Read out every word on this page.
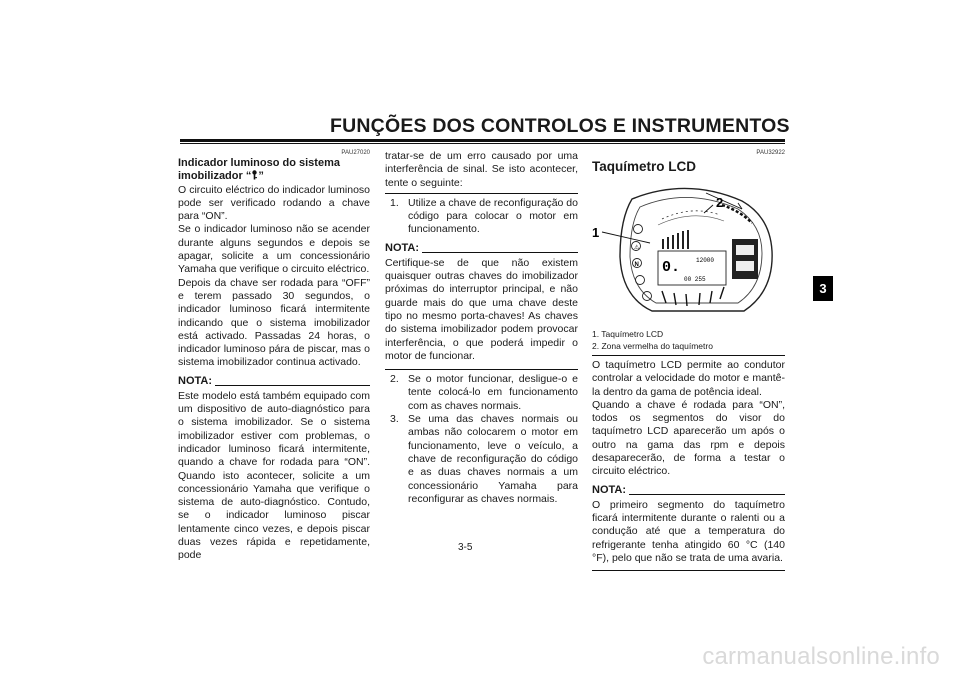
FUNÇÕES DOS CONTROLOS E INSTRUMENTOS
3
PAU27020

Indicador luminoso do sistema
imobilizador “ ”

O circuito eléctrico do indicador luminoso pode ser verificado rodando a chave para “ON”.

Se o indicador luminoso não se acender durante alguns segundos e depois se apagar, solicite a um concessionário Yamaha que verifique o circuito eléctrico.

Depois da chave ser rodada para “OFF” e terem passado 30 segundos, o indicador luminoso ficará intermitente indicando que o sistema imobilizador está activado. Passadas 24 horas, o indicador luminoso pára de piscar, mas o sistema imobilizador continua activado.

NOTA:

Este modelo está também equipado com um dispositivo de auto-diagnóstico para o sistema imobilizador. Se o sistema imobilizador estiver com problemas, o indicador luminoso ficará intermitente, quando a chave for rodada para “ON”. Quando isto acontecer, solicite a um concessionário Yamaha que verifique o sistema de auto-diagnóstico. Contudo, se o indicador luminoso piscar lentamente cinco vezes, e depois piscar duas vezes rápida e repetidamente, pode

tratar-se de um erro causado por uma interferência de sinal. Se isto acontecer, tente o seguinte:

1. Utilize a chave de reconfiguração do código para colocar o motor em funcionamento.
NOTA:

Certifique-se de que não existem quaisquer outras chaves do imobilizador próximas do interruptor principal, e não guarde mais do que uma chave deste tipo no mesmo porta-chaves! As chaves do sistema imobilizador podem provocar interferência, o que poderá impedir o motor de funcionar.

2. Se o motor funcionar, desligue-o e tente colocá-lo em funcionamento com as chaves normais.
3. Se uma das chaves normais ou ambas não colocarem o motor em funcionamento, leve o veículo, a chave de reconfiguração do código e as duas chaves normais a um concessionário Yamaha para reconfigurar as chaves normais.
PAU32922

Taquímetro LCD

N
⚠
0.	12000
00 255
1
2

1. Taquímetro LCD

2. Zona vermelha do taquímetro

O taquímetro LCD permite ao condutor controlar a velocidade do motor e mantê-la dentro da gama de potência ideal.

Quando a chave é rodada para “ON”, todos os segmentos do visor do taquímetro LCD aparecerão um após o outro na gama das rpm e depois desaparecerão, de forma a testar o circuito eléctrico.

NOTA:

O primeiro segmento do taquímetro ficará intermitente durante o ralenti ou a condução até que a temperatura do refrigerante tenha atingido 60 °C (140 °F), pelo que não se trata de uma avaria.

3-5
carmanualsonline.info
